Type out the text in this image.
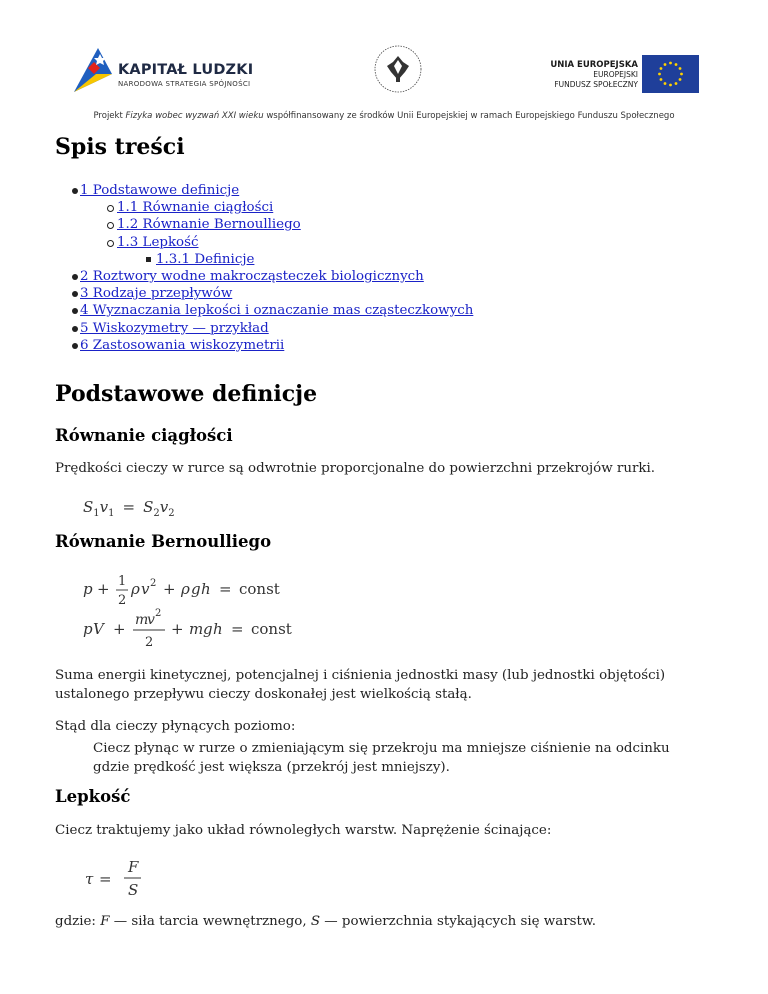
KAPITAŁ LUDZKI
NARODOWA STRATEGIA SPÓJNOŚCI
UNIA EUROPEJSKA
EUROPEJSKI
FUNDUSZ SPOŁECZNY
Projekt Fizyka wobec wyzwań XXI wieku współfinansowany ze środków Unii Europejskiej w ramach Europejskiego Funduszu Społecznego
Spis treści
1 Podstawowe definicje
1.1 Równanie ciągłości
1.2 Równanie Bernoulliego
1.3 Lepkość
1.3.1 Definicje
2 Roztwory wodne makrocząsteczek biologicznych
3 Rodzaje przepływów
4 Wyznaczania lepkości i oznaczanie mas cząsteczkowych
5 Wiskozymetry — przykład
6 Zastosowania wiskozymetrii
Podstawowe definicje
Równanie ciągłości

Prędkości cieczy w rurce są odwrotnie proporcjonalne do powierzchni przekrojów rurki.

$S_1v_1 = S_2v_2$
Równanie Bernoulliego
p + 1
2
ρ v 2 + ρ g h = const
p V + m
v 2
2
+ m g h = const

Suma energii kinetycznej, potencjalnej i ciśnienia jednostki masy (lub jednostki objętości) ustalonego przepływu cieczy doskonałej jest wielkością stałą.

Stąd dla cieczy płynących poziomo:

Ciecz płynąc w rurze o zmieniającym się przekroju ma mniejsze ciśnienie na odcinku gdzie prędkość jest większa (przekrój jest mniejszy).

Lepkość

Ciecz traktujemy jako układ równoległych warstw. Naprężenie ścinające:

τ =
F
S

gdzie: F — siła tarcia wewnętrznego, S — powierzchnia stykających się warstw.
